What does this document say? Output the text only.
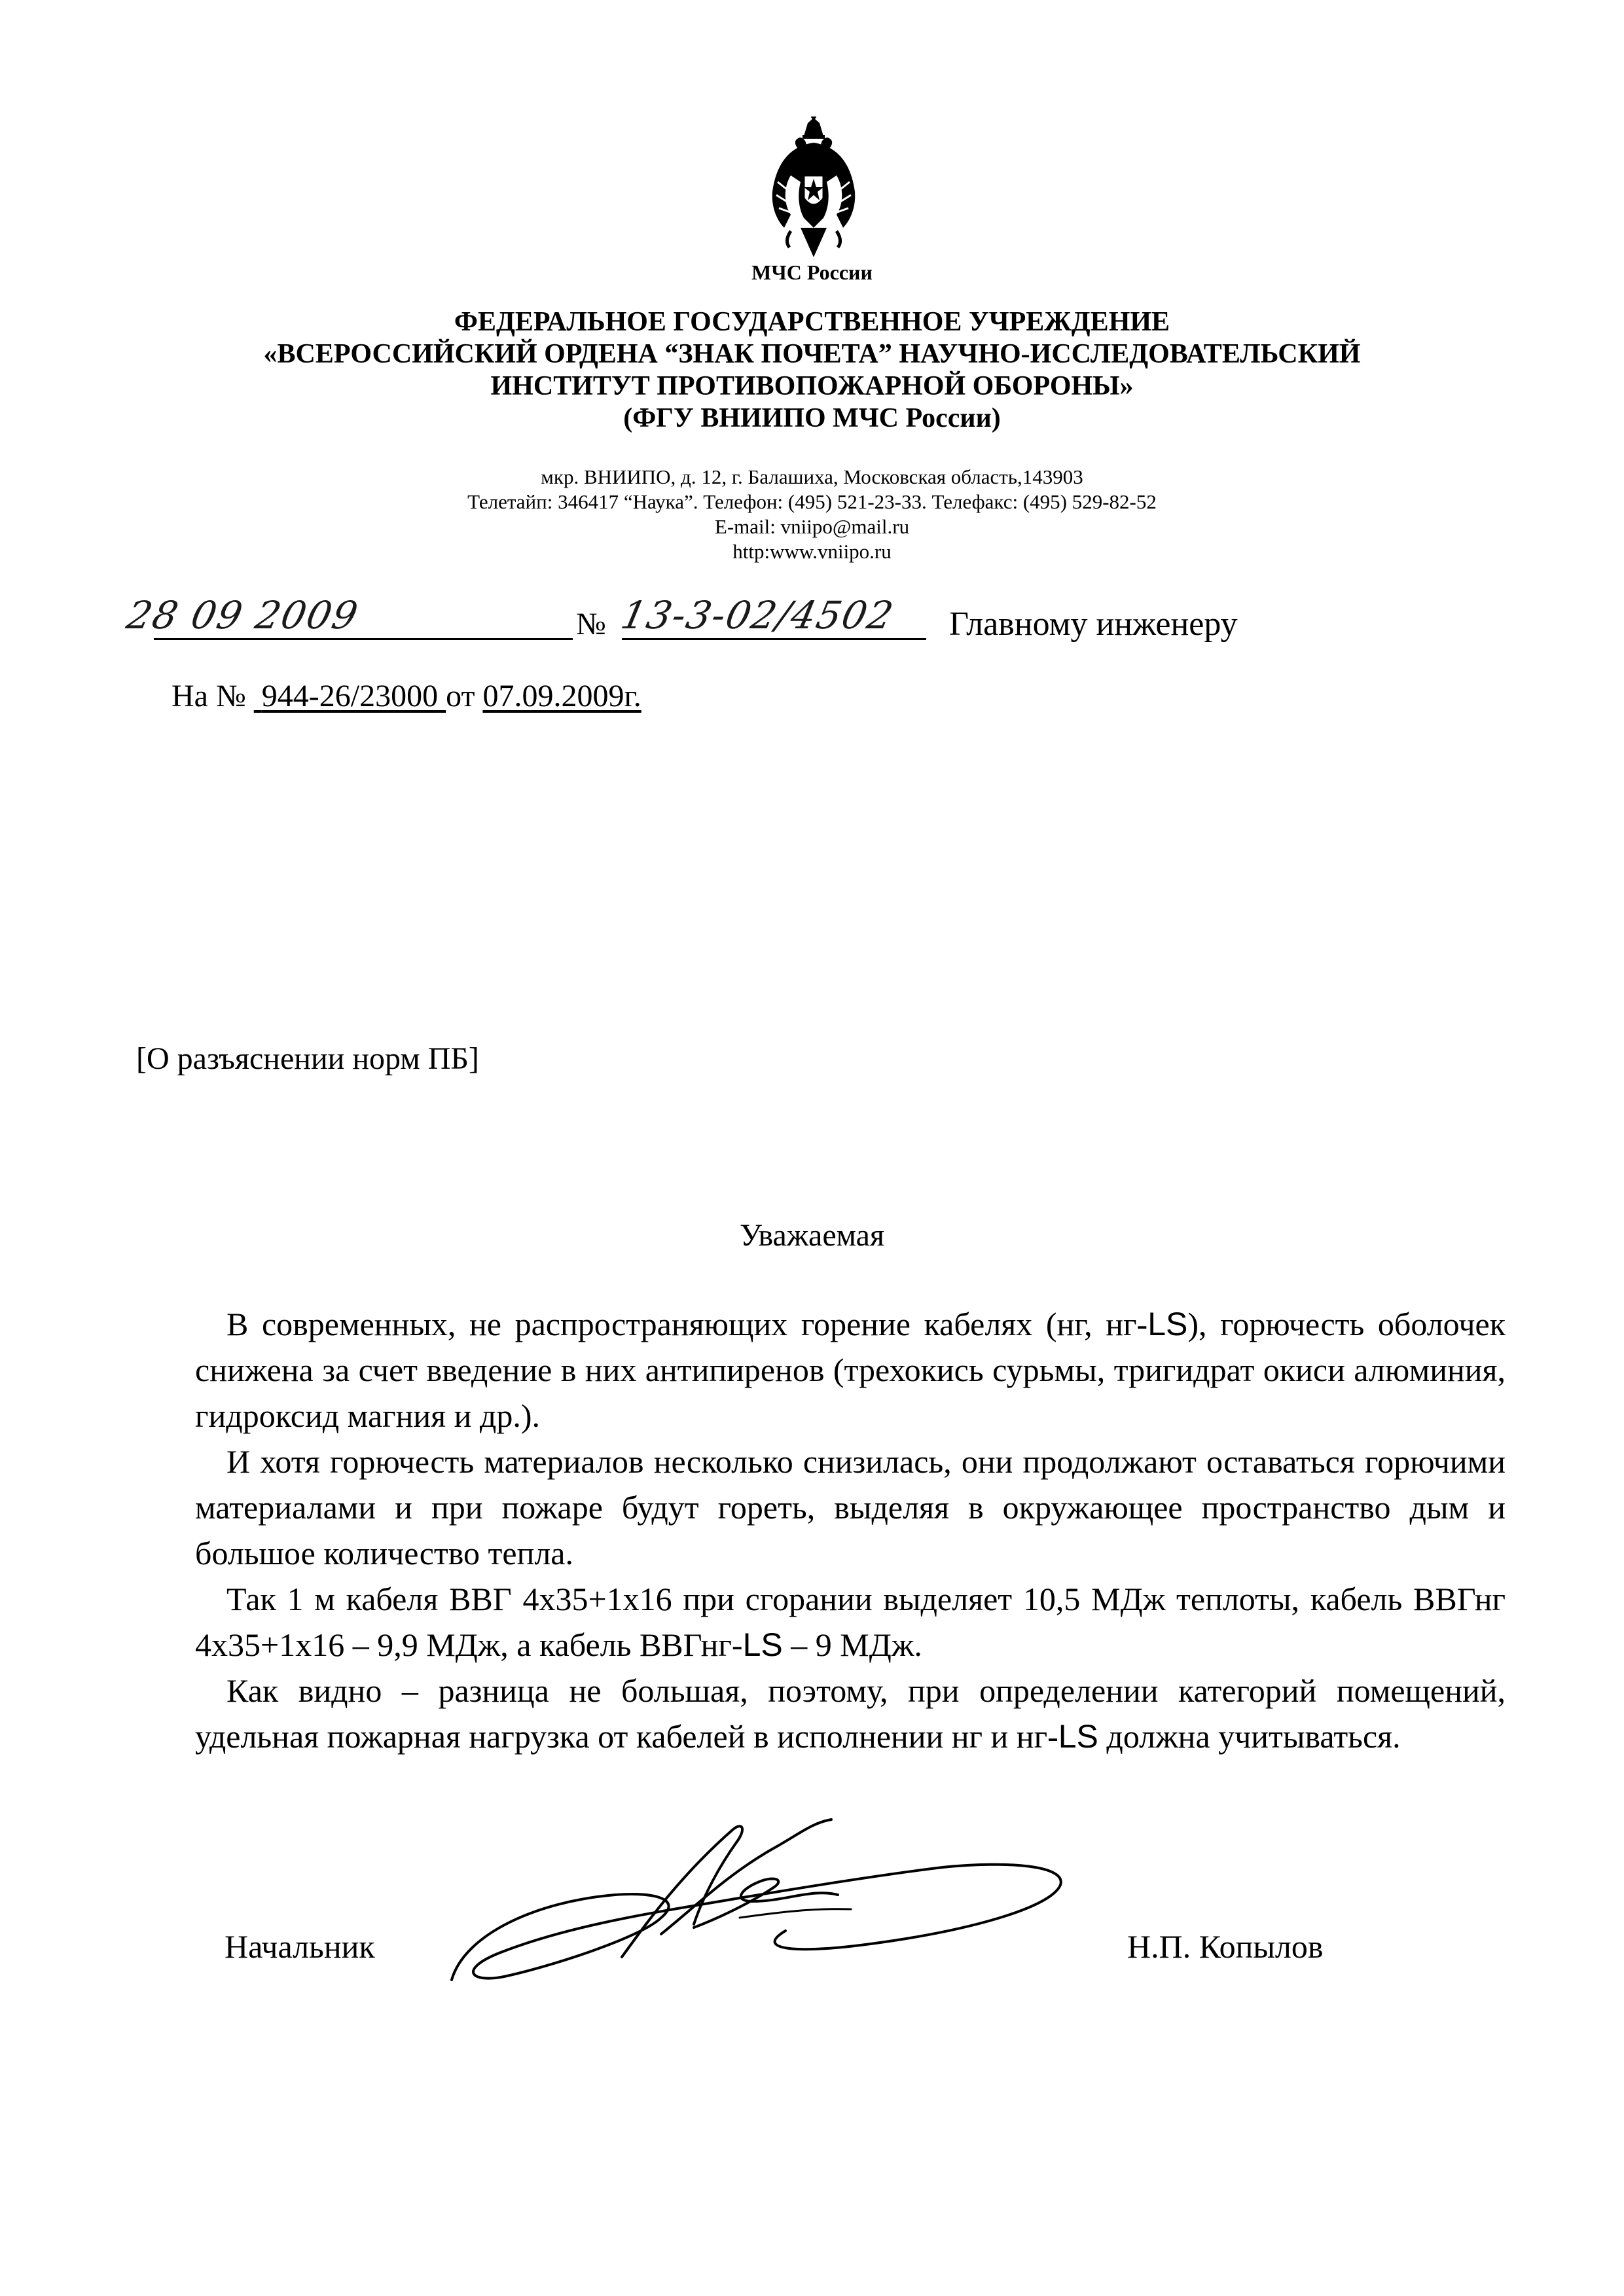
МЧС России
ФЕДЕРАЛЬНОЕ ГОСУДАРСТВЕННОЕ УЧРЕЖДЕНИЕ
«ВСЕРОССИЙСКИЙ ОРДЕНА “ЗНАК ПОЧЕТА” НАУЧНО-ИССЛЕДОВАТЕЛЬСКИЙ
ИНСТИТУТ ПРОТИВОПОЖАРНОЙ ОБОРОНЫ»
(ФГУ ВНИИПО МЧС России)
мкр. ВНИИПО, д. 12, г. Балашиха, Московская область,143903
Телетайп: 346417 “Наука”. Телефон: (495) 521-23-33. Телефакс: (495) 529-82-52
E-mail: vniipo@mail.ru
http:www.vniipo.ru
28 09 2009	№ 13-3-02/4502 Главному инженеру
На № 944-26/23000 от 07.09.2009г.
[О разъяснении норм ПБ]
Уважаемая

В современных, не распространяющих горение кабелях (нг, нг-LS), горючесть оболочек снижена за счет введение в них антипиренов (трехокись сурьмы, тригидрат окиси алюминия, гидроксид магния и др.).

И хотя горючесть материалов несколько снизилась, они продолжают оставаться горючими материалами и при пожаре будут гореть, выделяя в окружающее пространство дым и большое количество тепла.

Так 1 м кабеля ВВГ 4х35+1х16 при сгорании выделяет 10,5 МДж теплоты, кабель ВВГнг 4х35+1х16 – 9,9 МДж, а кабель ВВГнг-LS – 9 МДж.

Как видно – разница не большая, поэтому, при определении категорий помещений, удельная пожарная нагрузка от кабелей в исполнении нг и нг-LS должна учитываться.

Начальник	Н.П. Копылов
